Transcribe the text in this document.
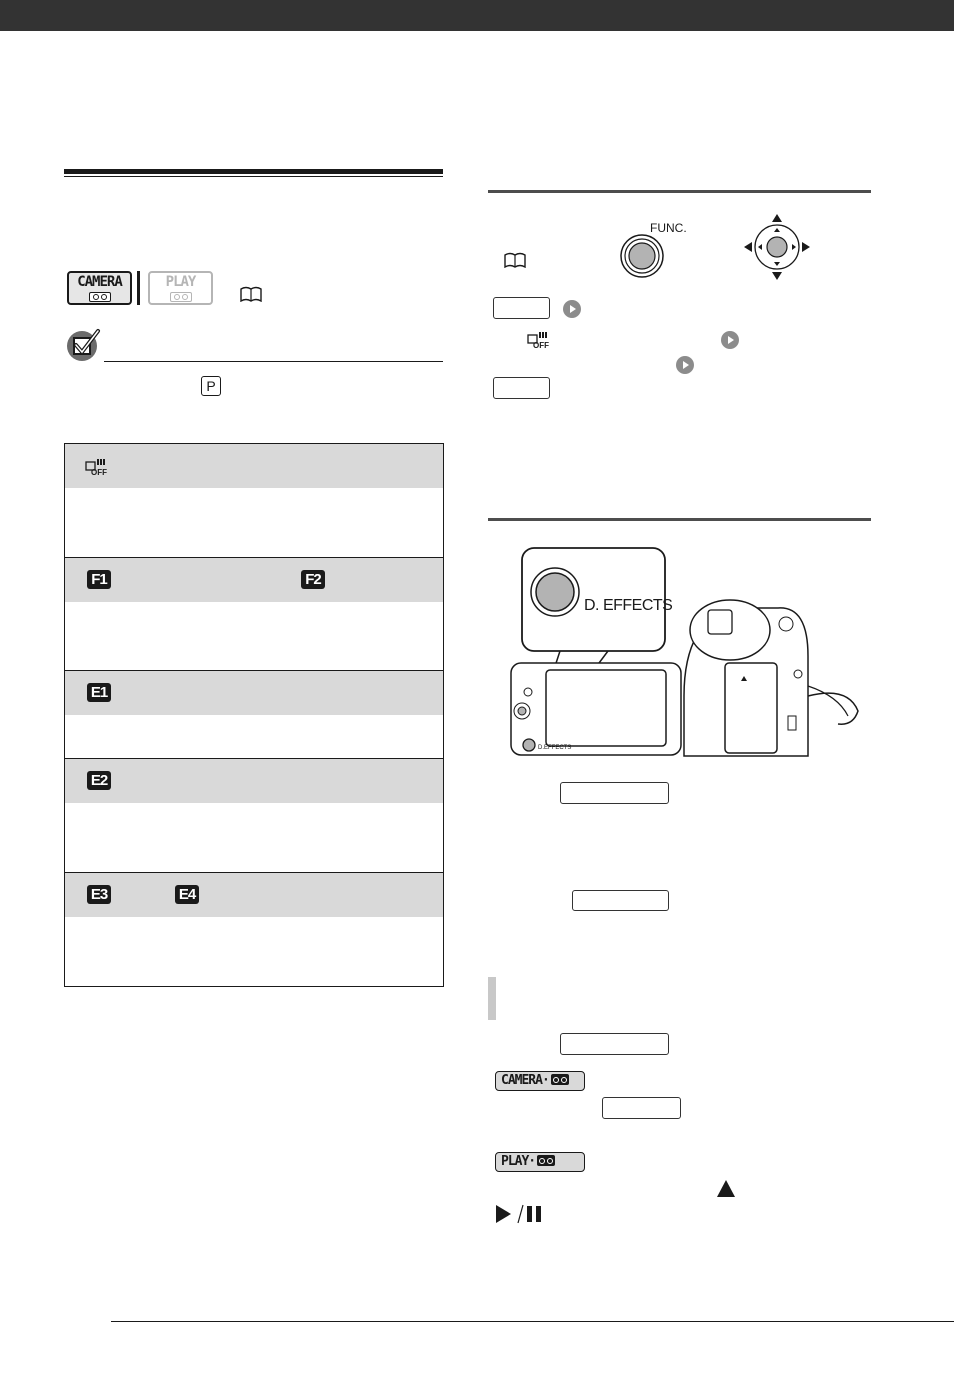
CAMERA	PLAY
P
OFF
F1	F2
E1
E2
E3	E4
FUNC.
OFF
D. EFFECTS
D.EFFECTS
CAMERA·
PLAY·
